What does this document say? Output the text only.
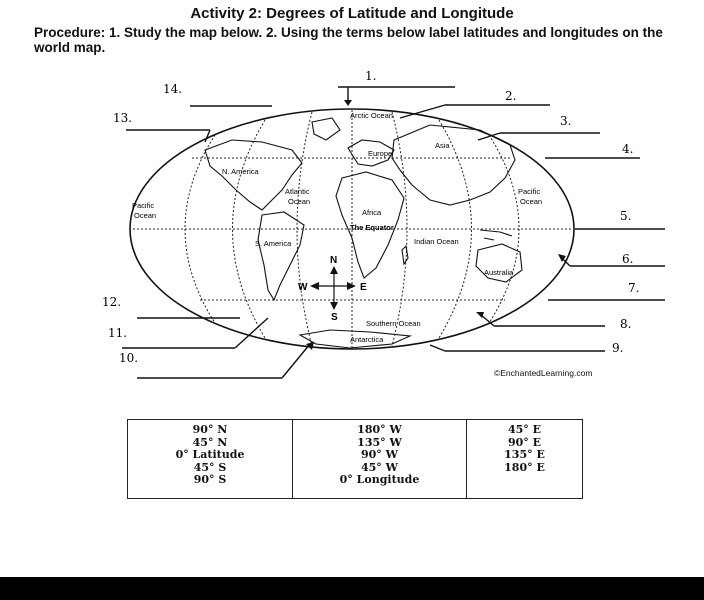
Activity 2: Degrees of Latitude and Longitude
Procedure: 1. Study the map below. 2. Using the terms below label latitudes and longitudes on the world map.
Arctic Ocean
Europe
Asia
N. America
Atlantic
Ocean
Pacific
Ocean
Pacific
Ocean
Africa
The Equator
Indian Ocean
S. America
Australia
Southern Ocean
Antarctica
N
S
W	E
1.
2.
3.
4.
5.
6.
7.
8.
9.
10.
11.
12.
13.
14.
©EnchantedLearning.com
90° N
45° N
0° Latitude
45° S
90° S
180° W
135° W
90° W
45° W
0° Longitude
45° E
90° E
135° E
180° E
